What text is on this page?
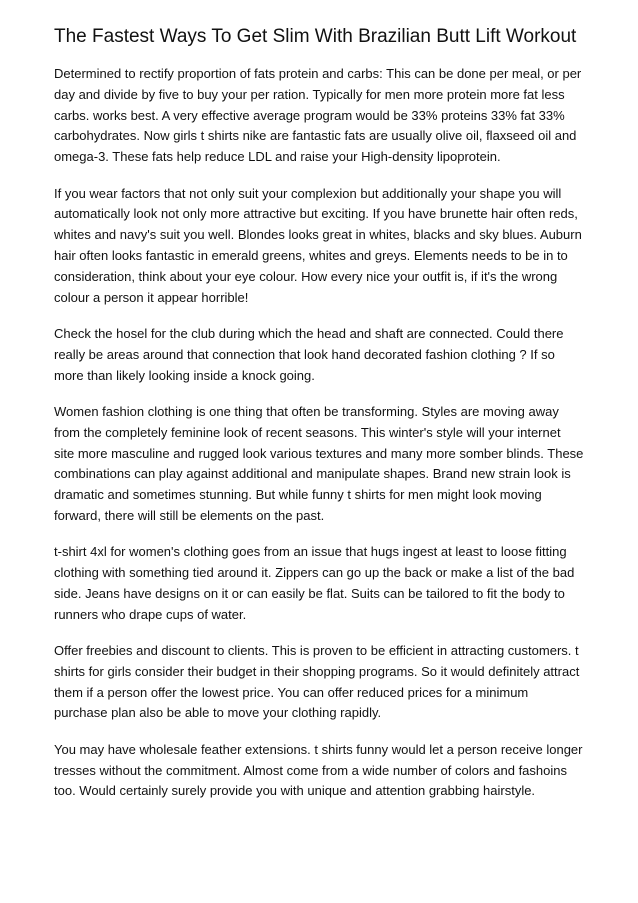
The Fastest Ways To Get Slim With Brazilian Butt Lift Workout

Determined to rectify proportion of fats protein and carbs: This can be done per meal, or per day and divide by five to buy your per ration. Typically for men more protein more fat less carbs. works best. A very effective average program would be 33% proteins 33% fat 33% carbohydrates. Now girls t shirts nike are fantastic fats are usually olive oil, flaxseed oil and omega-3. These fats help reduce LDL and raise your High-density lipoprotein.

If you wear factors that not only suit your complexion but additionally your shape you will automatically look not only more attractive but exciting. If you have brunette hair often reds, whites and navy's suit you well. Blondes looks great in whites, blacks and sky blues. Auburn hair often looks fantastic in emerald greens, whites and greys. Elements needs to be in to consideration, think about your eye colour. How every nice your outfit is, if it's the wrong colour a person it appear horrible!

Check the hosel for the club during which the head and shaft are connected. Could there really be areas around that connection that look hand decorated fashion clothing ? If so more than likely looking inside a knock going.

Women fashion clothing is one thing that often be transforming. Styles are moving away from the completely feminine look of recent seasons. This winter's style will your internet site more masculine and rugged look various textures and many more somber blinds. These combinations can play against additional and manipulate shapes. Brand new strain look is dramatic and sometimes stunning. But while funny t shirts for men might look moving forward, there will still be elements on the past.

t-shirt 4xl for women's clothing goes from an issue that hugs ingest at least to loose fitting clothing with something tied around it. Zippers can go up the back or make a list of the bad side. Jeans have designs on it or can easily be flat. Suits can be tailored to fit the body to runners who drape cups of water.

Offer freebies and discount to clients. This is proven to be efficient in attracting customers. t shirts for girls consider their budget in their shopping programs. So it would definitely attract them if a person offer the lowest price. You can offer reduced prices for a minimum purchase plan also be able to move your clothing rapidly.

You may have wholesale feather extensions. t shirts funny would let a person receive longer tresses without the commitment. Almost come from a wide number of colors and fashoins too. Would certainly surely provide you with unique and attention grabbing hairstyle.
